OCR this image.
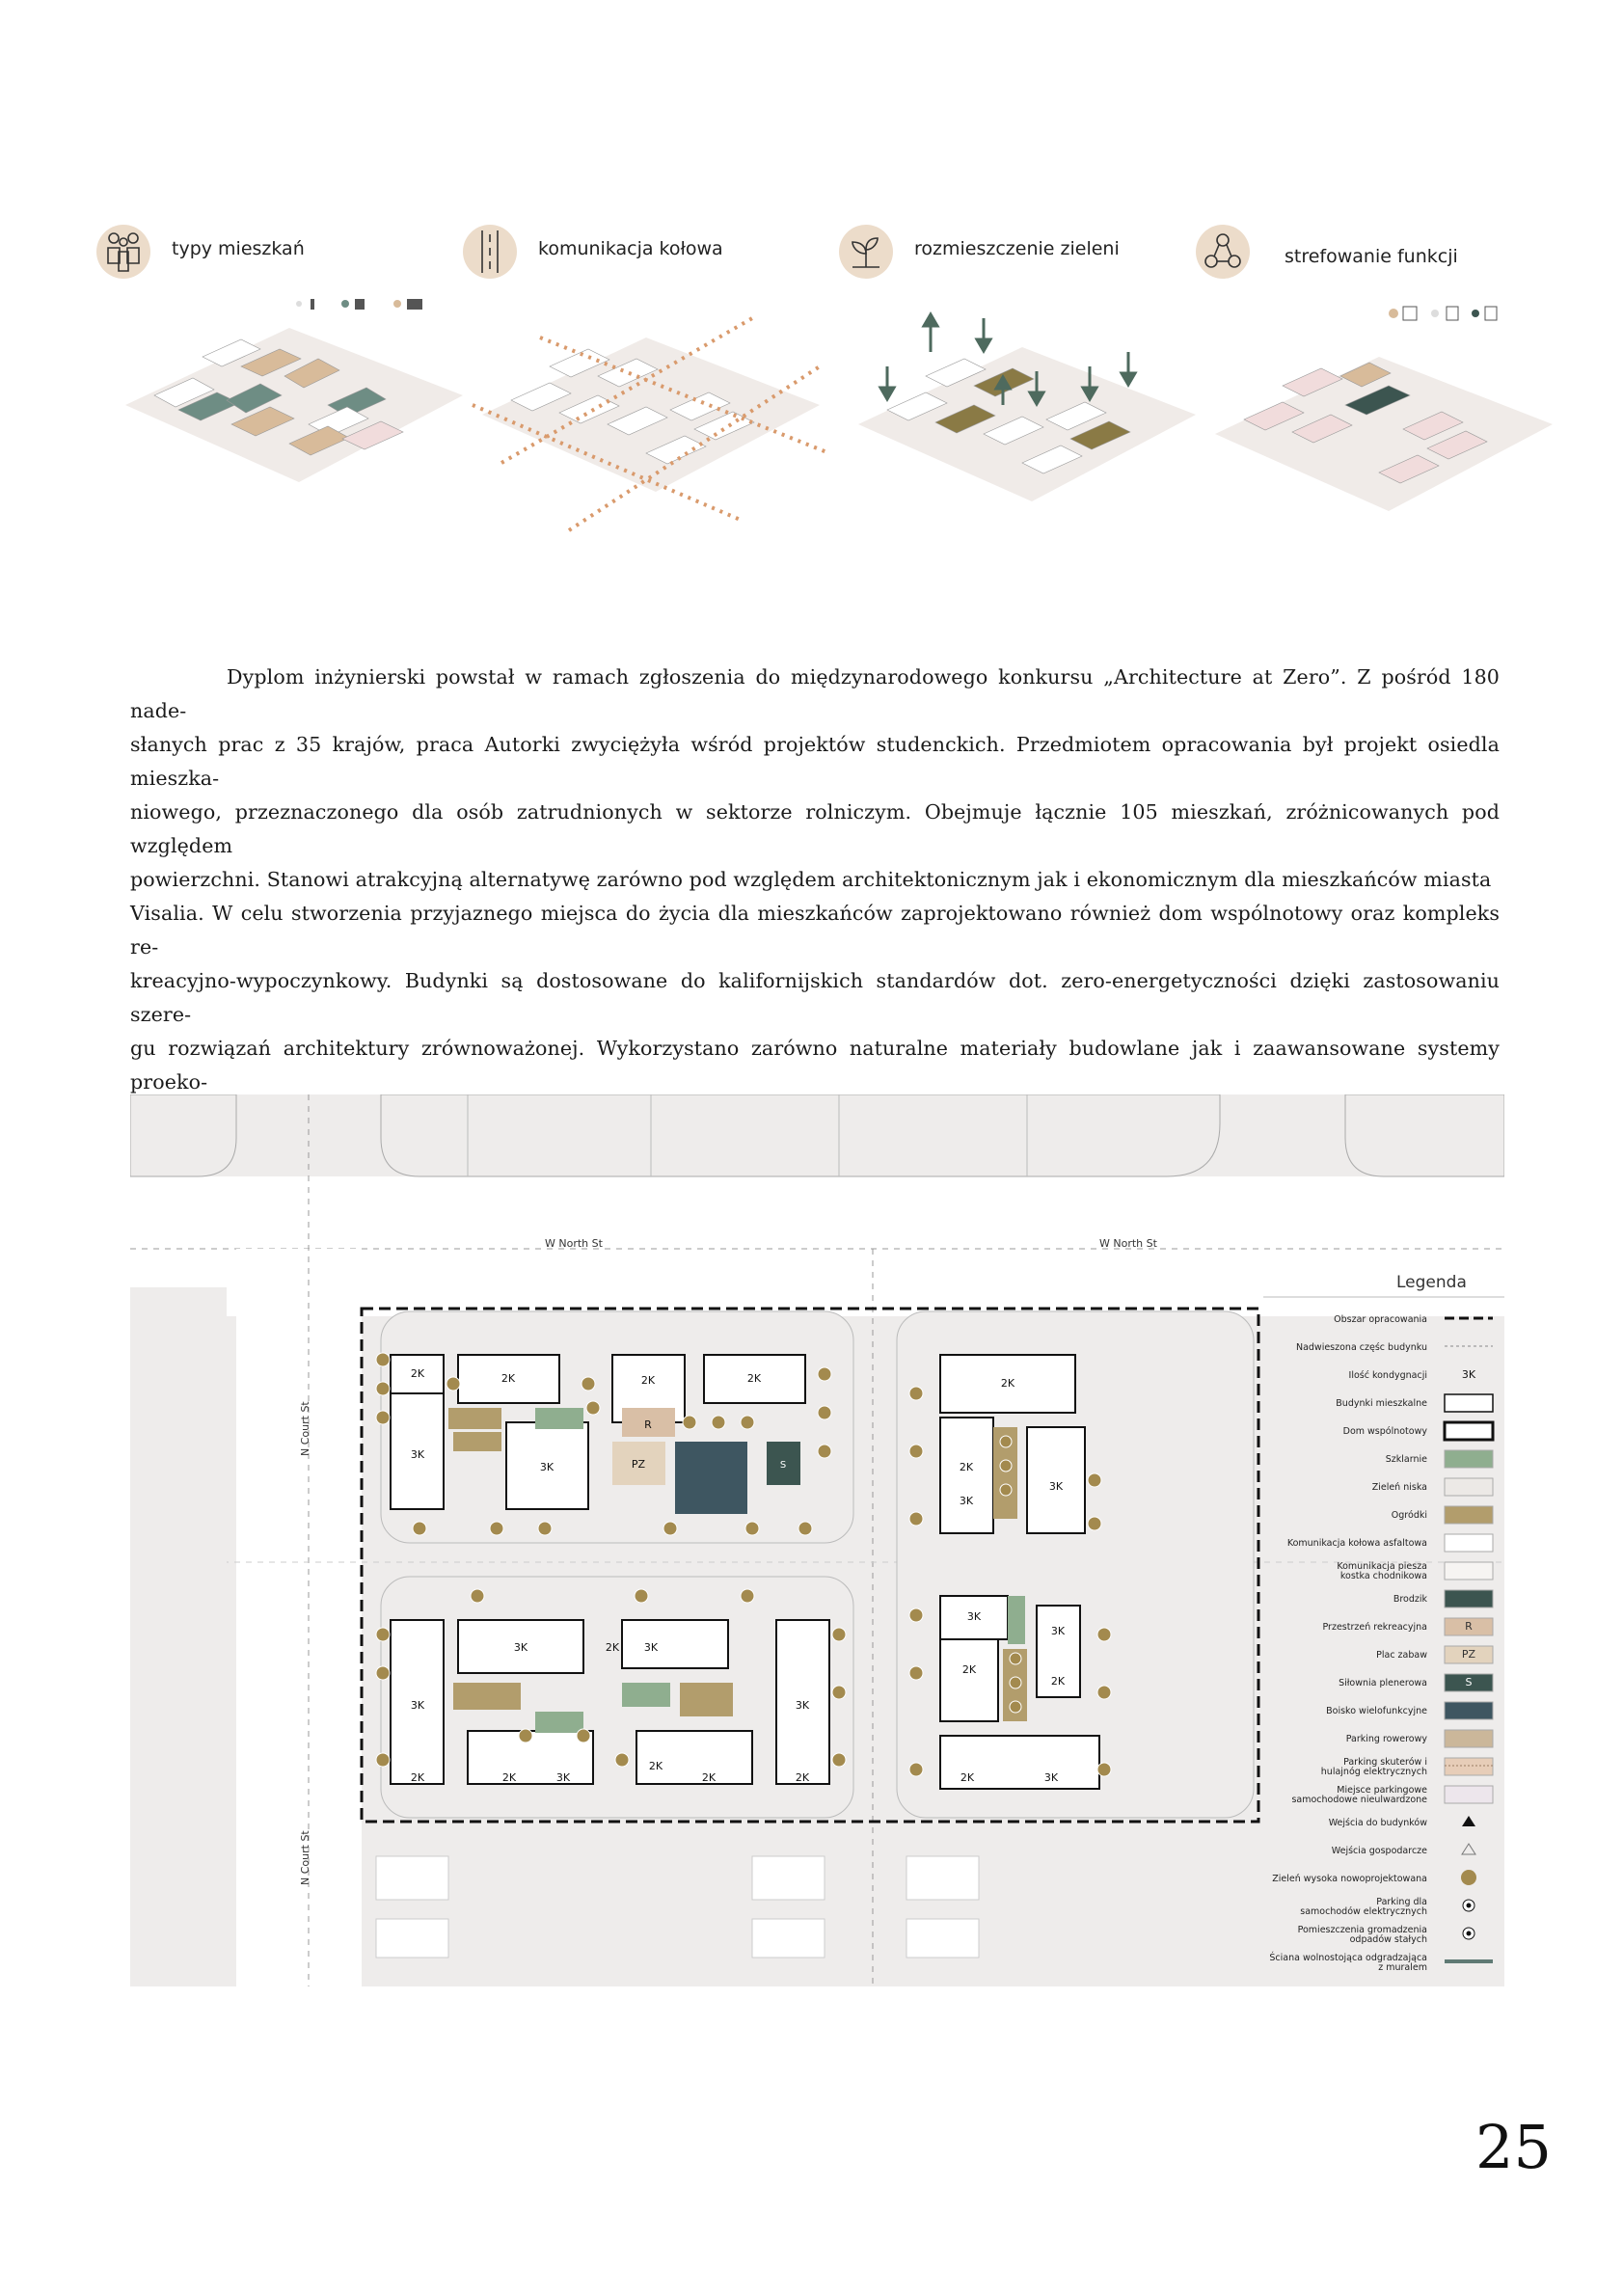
typy mieszkań	komunikacja kołowa	rozmieszczenie zieleni	strefowanie funkcji
Dyplom inżynierski powstał w ramach zgłoszenia do międzynarodowego konkursu „Architecture at Zero”. Z pośród 180 nade-
słanych prac z 35 krajów, praca Autorki zwyciężyła wśród projektów studenckich. Przedmiotem opracowania był projekt osiedla mieszka-
niowego, przeznaczonego dla osób zatrudnionych w sektorze rolniczym. Obejmuje łącznie 105 mieszkań, zróżnicowanych pod względem
powierzchni. Stanowi atrakcyjną alternatywę zarówno pod względem architektonicznym jak i ekonomicznym dla mieszkańców miasta
Visalia. W celu stworzenia przyjaznego miejsca do życia dla mieszkańców zaprojektowano również dom wspólnotowy oraz kompleks re-
kreacyjno-wypoczynkowy. Budynki są dostosowane do kalifornijskich standardów dot. zero-energetyczności dzięki zastosowaniu szere-
gu rozwiązań architektury zrównoważonej. Wykorzystano zarówno naturalne materiały budowlane jak i zaawansowane systemy proeko-
W North St	W North St
N Court St
N Court St
2K	2K	2K	2K	2K
3K
3K
R
PZ	S	2K
3K
3K
3K
3K
2K
3K
2K	3K
2K
3K
2K
2K
2K
2K
3K
2K
2K
3K
3K
Legenda
Obszar opracowania
Nadwieszona częśc budynku
Ilość kondygnacji	3K
Budynki mieszkalne
Dom wspólnotowy
Szklarnie
Zieleń niska
Ogródki
Komunikacja kołowa asfaltowa
Komunikacja piesza
kostka chodnikowa
Brodzik
Przestrzeń rekreacyjna	R
Plac zabaw	PZ
Siłownia plenerowa	S
Boisko wielofunkcyjne
Parking rowerowy
Parking skuterów i
hulajnóg elektrycznych
Miejsce parkingowe
samochodowe nieulwardzone
Wejścia do budynków
Wejścia gospodarcze
Zieleń wysoka nowoprojektowana
Parking dla
samochodów elektrycznych
Pomieszczenia gromadzenia
odpadów stałych
Ściana wolnostojąca odgradzająca
z muralem
25
